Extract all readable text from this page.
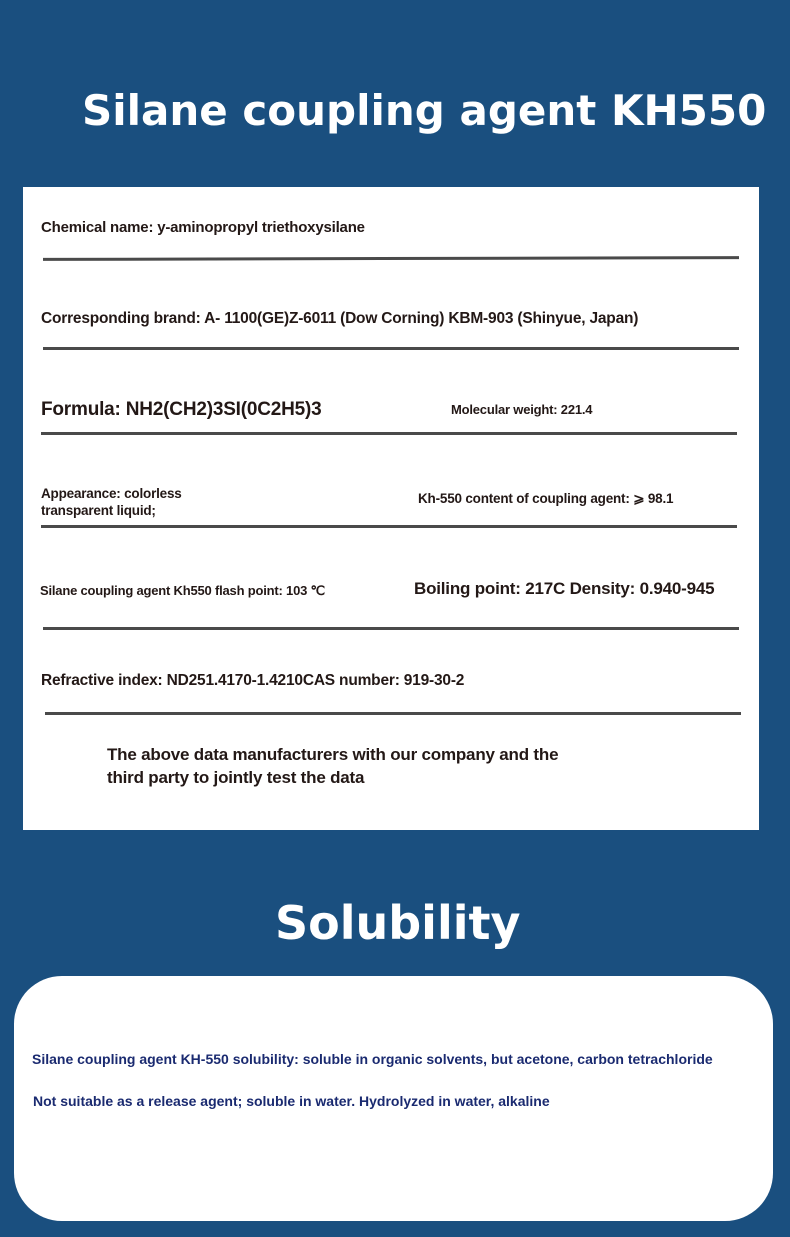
Silane coupling agent KH550
Chemical name: y-aminopropyl triethoxysilane
Corresponding brand: A- 1100(GE)Z-6011 (Dow Corning) KBM-903 (Shinyue, Japan)
Formula: NH2(CH2)3SI(0C2H5)3	Molecular weight: 221.4
Appearance: colorless
transparent liquid;
Kh-550 content of coupling agent: ⩾ 98.1
Silane coupling agent Kh550 flash point: 103 ℃	Boiling point: 217C Density: 0.940-945
Refractive index: ND251.4170-1.4210CAS number: 919-30-2
The above data manufacturers with our company and the
third party to jointly test the data
Solubility
Silane coupling agent KH-550 solubility: soluble in organic solvents, but acetone, carbon tetrachloride
Not suitable as a release agent; soluble in water. Hydrolyzed in water, alkaline
